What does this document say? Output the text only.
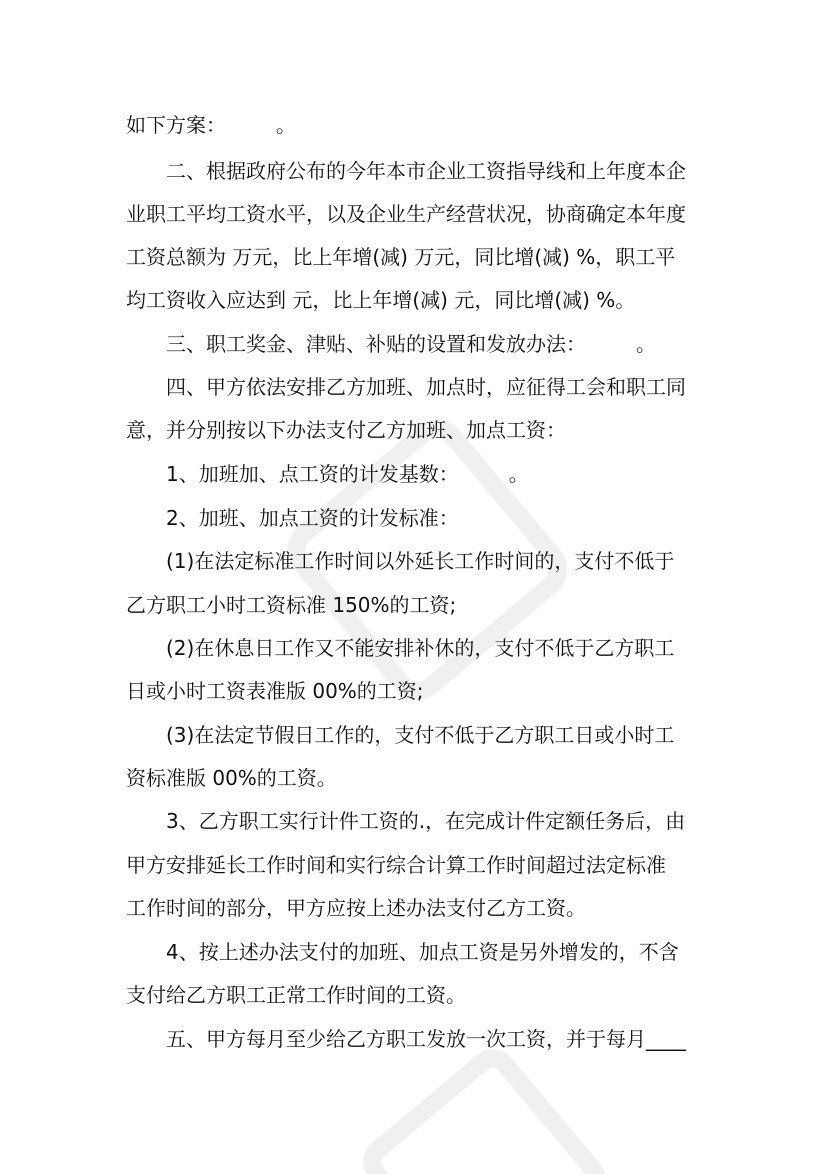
如下方案：　　　。
二、根据政府公布的今年本市企业工资指导线和上年度本企
业职工平均工资水平，以及企业生产经营状况，协商确定本年度
工资总额为 万元，比上年增(减) 万元，同比增(减) %，职工平
均工资收入应达到 元，比上年增(减) 元，同比增(减) %。
三、职工奖金、津贴、补贴的设置和发放办法：　　　。
四、甲方依法安排乙方加班、加点时，应征得工会和职工同
意，并分别按以下办法支付乙方加班、加点工资：
1、加班加、点工资的计发基数：　　　。
2、加班、加点工资的计发标准：
(1)在法定标准工作时间以外延长工作时间的，支付不低于
乙方职工小时工资标准 150%的工资;
(2)在休息日工作又不能安排补休的，支付不低于乙方职工
日或小时工资表准版 00%的工资;
(3)在法定节假日工作的，支付不低于乙方职工日或小时工
资标准版 00%的工资。
3、乙方职工实行计件工资的.，在完成计件定额任务后，由
甲方安排延长工作时间和实行综合计算工作时间超过法定标准
工作时间的部分，甲方应按上述办法支付乙方工资。
4、按上述办法支付的加班、加点工资是另外增发的，不含
支付给乙方职工正常工作时间的工资。
五、甲方每月至少给乙方职工发放一次工资，并于每月____
